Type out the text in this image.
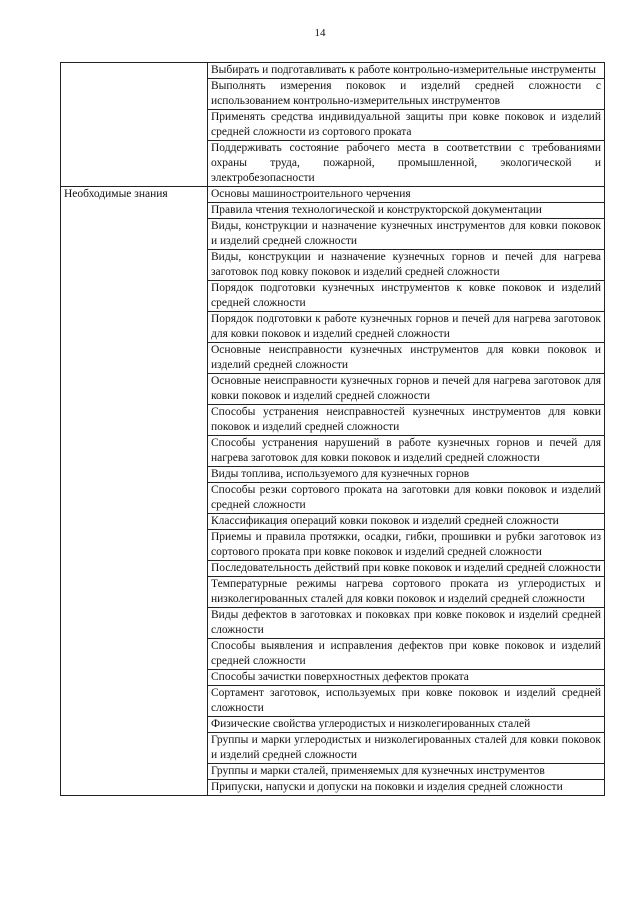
14
	Выбирать и подготавливать к работе контрольно-измерительные инструменты
	Выполнять измерения поковок и изделий средней сложности с использованием контрольно-измерительных инструментов
	Применять средства индивидуальной защиты при ковке поковок и изделий средней сложности из сортового проката
	Поддерживать состояние рабочего места в соответствии с требованиями охраны труда, пожарной, промышленной, экологической и электробезопасности
Необходимые знания	Основы машиностроительного черчения
	Правила чтения технологической и конструкторской документации
	Виды, конструкции и назначение кузнечных инструментов для ковки поковок и изделий средней сложности
	Виды, конструкции и назначение кузнечных горнов и печей для нагрева заготовок под ковку поковок и изделий средней сложности
	Порядок подготовки кузнечных инструментов к ковке поковок и изделий средней сложности
	Порядок подготовки к работе кузнечных горнов и печей для нагрева заготовок для ковки поковок и изделий средней сложности
	Основные неисправности кузнечных инструментов для ковки поковок и изделий средней сложности
	Основные неисправности кузнечных горнов и печей для нагрева заготовок для ковки поковок и изделий средней сложности
	Способы устранения неисправностей кузнечных инструментов для ковки поковок и изделий средней сложности
	Способы устранения нарушений в работе кузнечных горнов и печей для нагрева заготовок для ковки поковок и изделий средней сложности
	Виды топлива, используемого для кузнечных горнов
	Способы резки сортового проката на заготовки для ковки поковок и изделий средней сложности
	Классификация операций ковки поковок и изделий средней сложности
	Приемы и правила протяжки, осадки, гибки, прошивки и рубки заготовок из сортового проката при ковке поковок и изделий средней сложности
	Последовательность действий при ковке поковок и изделий средней сложности
	Температурные режимы нагрева сортового проката из углеродистых и низколегированных сталей для ковки поковок и изделий средней сложности
	Виды дефектов в заготовках и поковках при ковке поковок и изделий средней сложности
	Способы выявления и исправления дефектов при ковке поковок и изделий средней сложности
	Способы зачистки поверхностных дефектов проката
	Сортамент заготовок, используемых при ковке поковок и изделий средней сложности
	Физические свойства углеродистых и низколегированных сталей
	Группы и марки углеродистых и низколегированных сталей для ковки поковок и изделий средней сложности
	Группы и марки сталей, применяемых для кузнечных инструментов
	Припуски, напуски и допуски на поковки и изделия средней сложности
